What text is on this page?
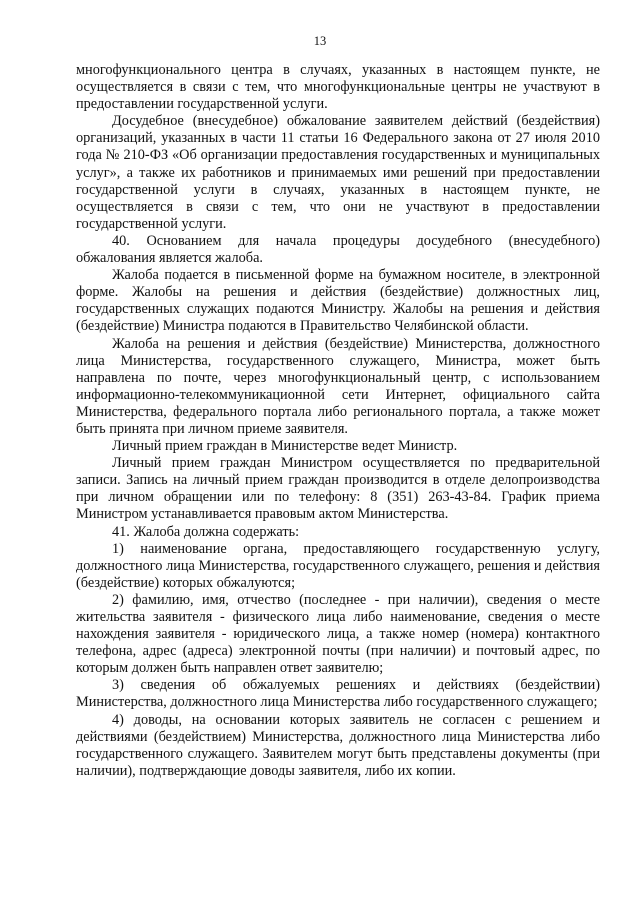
13

многофункционального центра в случаях, указанных в настоящем пункте, не осуществляется в связи с тем, что многофункциональные центры не участвуют в предоставлении государственной услуги.

Досудебное (внесудебное) обжалование заявителем действий (бездействия) организаций, указанных в части 11 статьи 16 Федерального закона от 27 июля 2010 года № 210-ФЗ «Об организации предоставления государственных и муниципальных услуг», а также их работников и принимаемых ими решений при предоставлении государственной услуги в случаях, указанных в настоящем пункте, не осуществляется в связи с тем, что они не участвуют в предоставлении государственной услуги.

40. Основанием для начала процедуры досудебного (внесудебного) обжалования является жалоба.

Жалоба подается в письменной форме на бумажном носителе, в электронной форме. Жалобы на решения и действия (бездействие) должностных лиц, государственных служащих подаются Министру. Жалобы на решения и действия (бездействие) Министра подаются в Правительство Челябинской области.

Жалоба на решения и действия (бездействие) Министерства, должностного лица Министерства, государственного служащего, Министра, может быть направлена по почте, через многофункциональный центр, с использованием информационно-телекоммуникационной сети Интернет, официального сайта Министерства, федерального портала либо регионального портала, а также может быть принята при личном приеме заявителя.

Личный прием граждан в Министерстве ведет Министр.

Личный прием граждан Министром осуществляется по предварительной записи. Запись на личный прием граждан производится в отделе делопроизводства при личном обращении или по телефону: 8 (351) 263-43-84. График приема Министром устанавливается правовым актом Министерства.

41. Жалоба должна содержать:

1) наименование органа, предоставляющего государственную услугу, должностного лица Министерства, государственного служащего, решения и действия (бездействие) которых обжалуются;

2) фамилию, имя, отчество (последнее - при наличии), сведения о месте жительства заявителя - физического лица либо наименование, сведения о месте нахождения заявителя - юридического лица, а также номер (номера) контактного телефона, адрес (адреса) электронной почты (при наличии) и почтовый адрес, по которым должен быть направлен ответ заявителю;

3) сведения об обжалуемых решениях и действиях (бездействии) Министерства, должностного лица Министерства либо государственного служащего;

4) доводы, на основании которых заявитель не согласен с решением и действиями (бездействием) Министерства, должностного лица Министерства либо государственного служащего. Заявителем могут быть представлены документы (при наличии), подтверждающие доводы заявителя, либо их копии.
